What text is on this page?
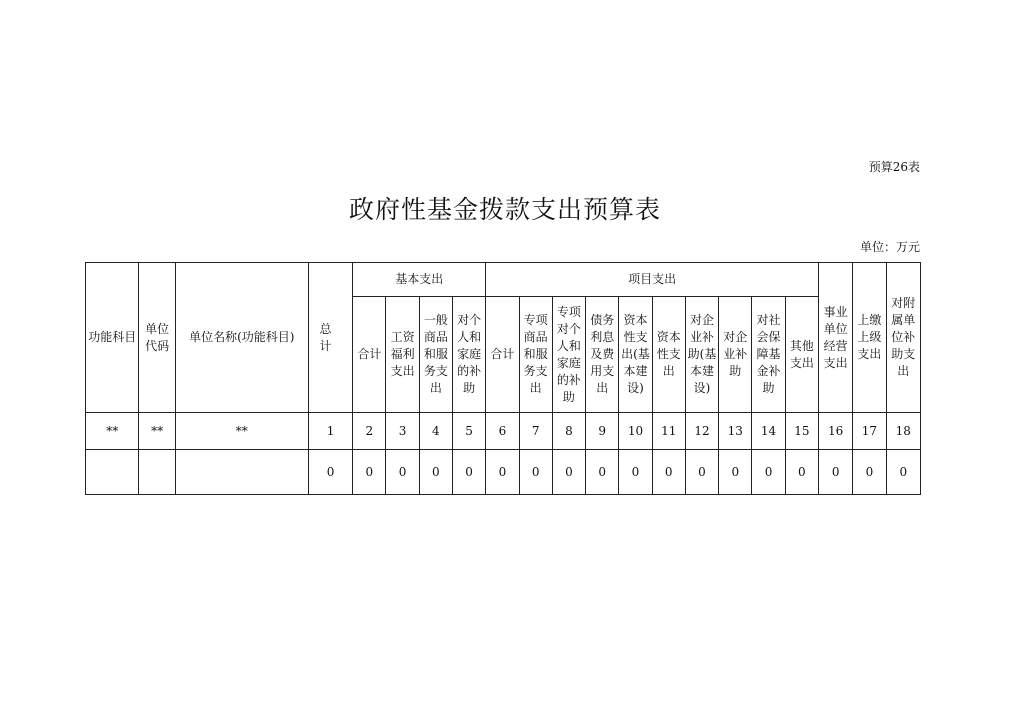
预算26表
政府性基金拨款支出预算表
单位：万元
功能科目	单位代码	单位名称(功能科目)	总 计	基本支出				项目支出										事业单位经营支出	上缴上级支出	对附属单位补助支出
				合计	工资福利支出	一般商品和服务支出	对个人和家庭的补助	合计	专项商品和服务支出	专项对个人和家庭的补助	债务利息及费用支出	资本性支出(基本建设)	资本性支出	对企业补助(基本建设)	对企业补助	对社会保障基金补助	其他支出			
**	**	**	1	2	3	4	5	6	7	8	9	10	11	12	13	14	15	16	17	18
			0	0	0	0	0	0	0	0	0	0	0	0	0	0	0	0	0	0
